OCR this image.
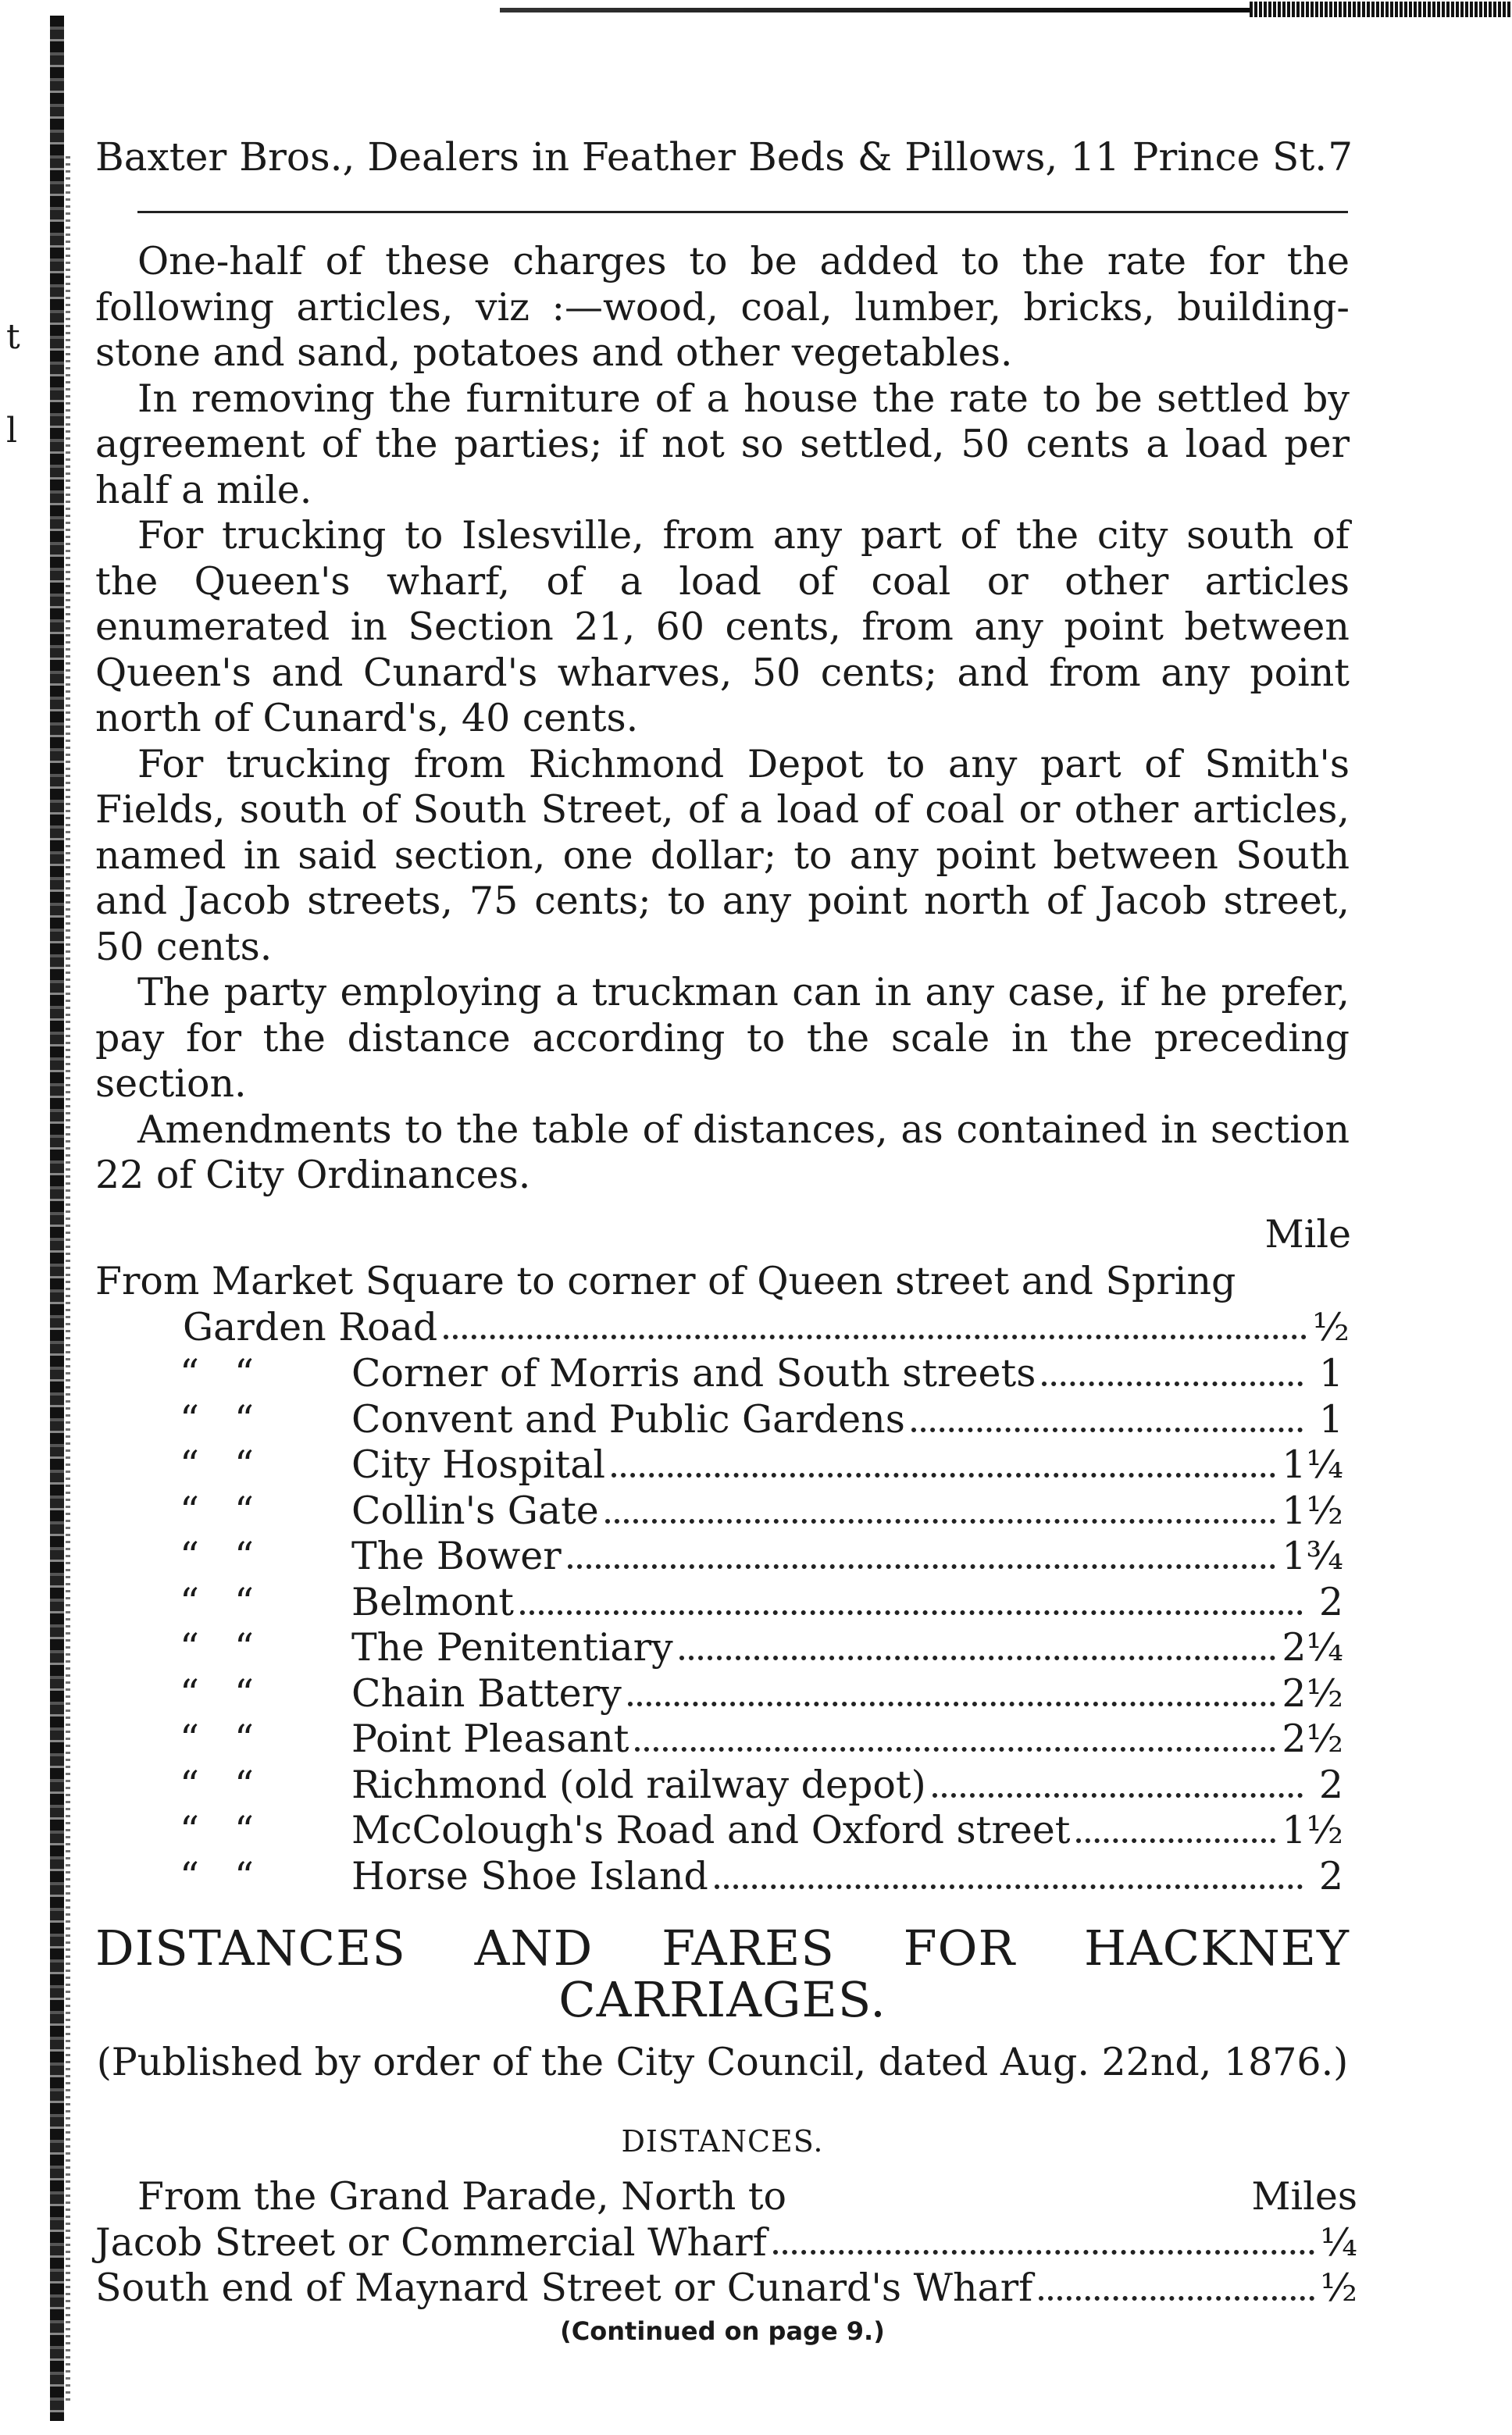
t
l
Baxter Bros., Dealers in Feather Beds & Pillows, 11 Prince St. 7

One-half of these charges to be added to the rate for the following articles, viz :—wood, coal, lumber, bricks, building-stone and sand, potatoes and other vegetables.

In removing the furniture of a house the rate to be settled by agreement of the parties; if not so settled, 50 cents a load per half a mile.

For trucking to Islesville, from any part of the city south of the Queen's wharf, of a load of coal or other articles enumerated in Section 21, 60 cents, from any point between Queen's and Cunard's wharves, 50 cents; and from any point north of Cunard's, 40 cents.

For trucking from Richmond Depot to any part of Smith's Fields, south of South Street, of a load of coal or other articles, named in said section, one dollar; to any point between South and Jacob streets, 75 cents; to any point north of Jacob street, 50 cents.

The party employing a truckman can in any case, if he prefer, pay for the distance according to the scale in the preceding section.

Amendments to the table of distances, as contained in section 22 of City Ordinances.

Mile
From Market Square to corner of Queen street and Spring
Garden Road	½
“ “	Corner of Morris and South streets	1
“ “	Convent and Public Gardens	1
“ “	City Hospital	1¼
“ “	Collin's Gate	1½
“ “	The Bower	1¾
“ “	Belmont	2
“ “	The Penitentiary	2¼
“ “	Chain Battery	2½
“ “	Point Pleasant	2½
“ “	Richmond (old railway depot)	2
“ “	McColough's Road and Oxford street	1½
“ “	Horse Shoe Island	2
DISTANCES AND FARES FOR HACKNEY
CARRIAGES.
(Published by order of the City Council, dated Aug. 22nd, 1876.)
DISTANCES.
From the Grand Parade, North to	Miles
Jacob Street or Commercial Wharf	¼
South end of Maynard Street or Cunard's Wharf	½
(Continued on page 9.)
